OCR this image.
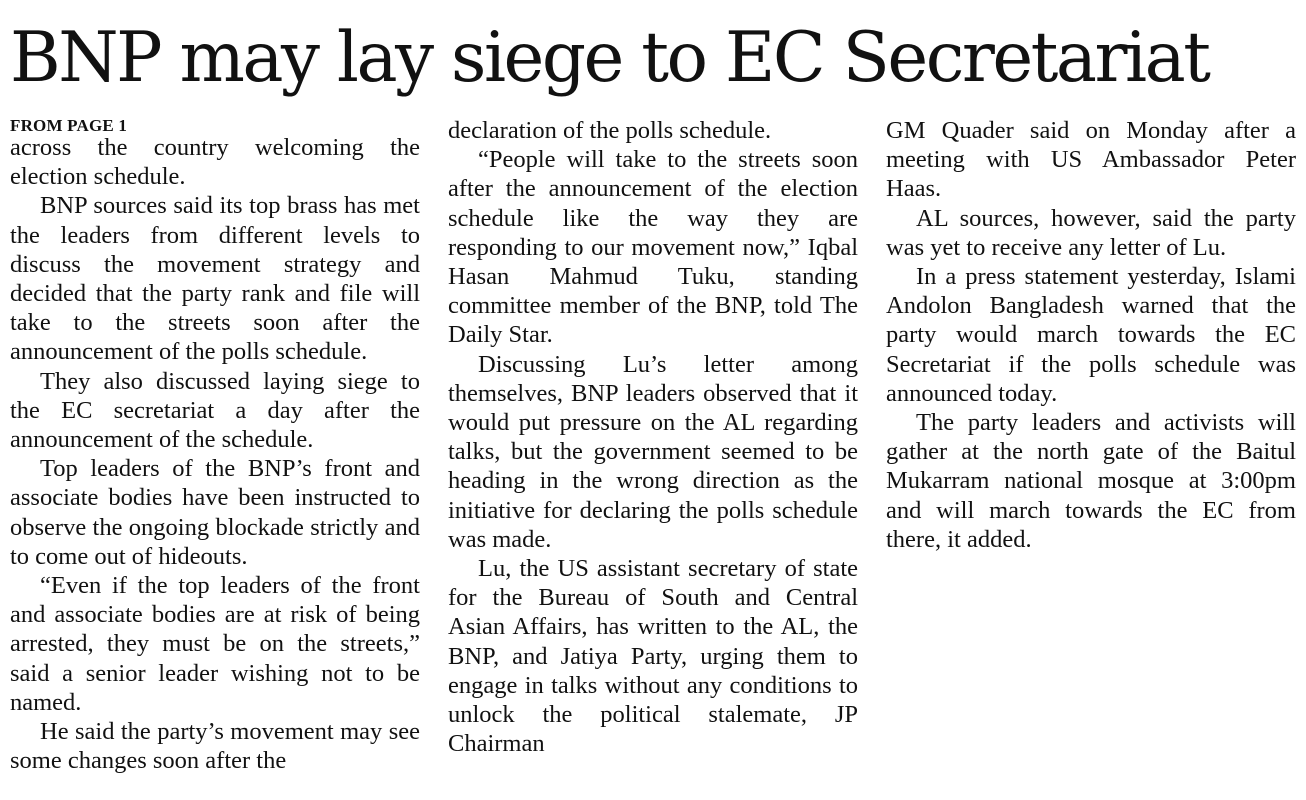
BNP may lay siege to EC Secretariat
FROM PAGE 1

across the country welcoming the election schedule.

BNP sources said its top brass has met the leaders from different levels to discuss the movement strategy and decided that the party rank and file will take to the streets soon after the announcement of the polls schedule.

They also discussed laying siege to the EC secretariat a day after the announcement of the schedule.

Top leaders of the BNP’s front and associate bodies have been instructed to observe the ongoing blockade strictly and to come out of hideouts.

“Even if the top leaders of the front and associate bodies are at risk of being arrested, they must be on the streets,” said a senior leader wishing not to be named.

He said the party’s movement may see some changes soon after the

declaration of the polls schedule.

“People will take to the streets soon after the announcement of the election schedule like the way they are responding to our movement now,” Iqbal Hasan Mahmud Tuku, standing committee member of the BNP, told The Daily Star.

Discussing Lu’s letter among themselves, BNP leaders observed that it would put pressure on the AL regarding talks, but the government seemed to be heading in the wrong direction as the initiative for declaring the polls schedule was made.

Lu, the US assistant secretary of state for the Bureau of South and Central Asian Affairs, has written to the AL, the BNP, and Jatiya Party, urging them to engage in talks without any conditions to unlock the political stalemate, JP Chairman

GM Quader said on Monday after a meeting with US Ambassador Peter Haas.

AL sources, however, said the party was yet to receive any letter of Lu.

In a press statement yesterday, Islami Andolon Bangladesh warned that the party would march towards the EC Secretariat if the polls schedule was announced today.

The party leaders and activists will gather at the north gate of the Baitul Mukarram national mosque at 3:00pm and will march towards the EC from there, it added.
